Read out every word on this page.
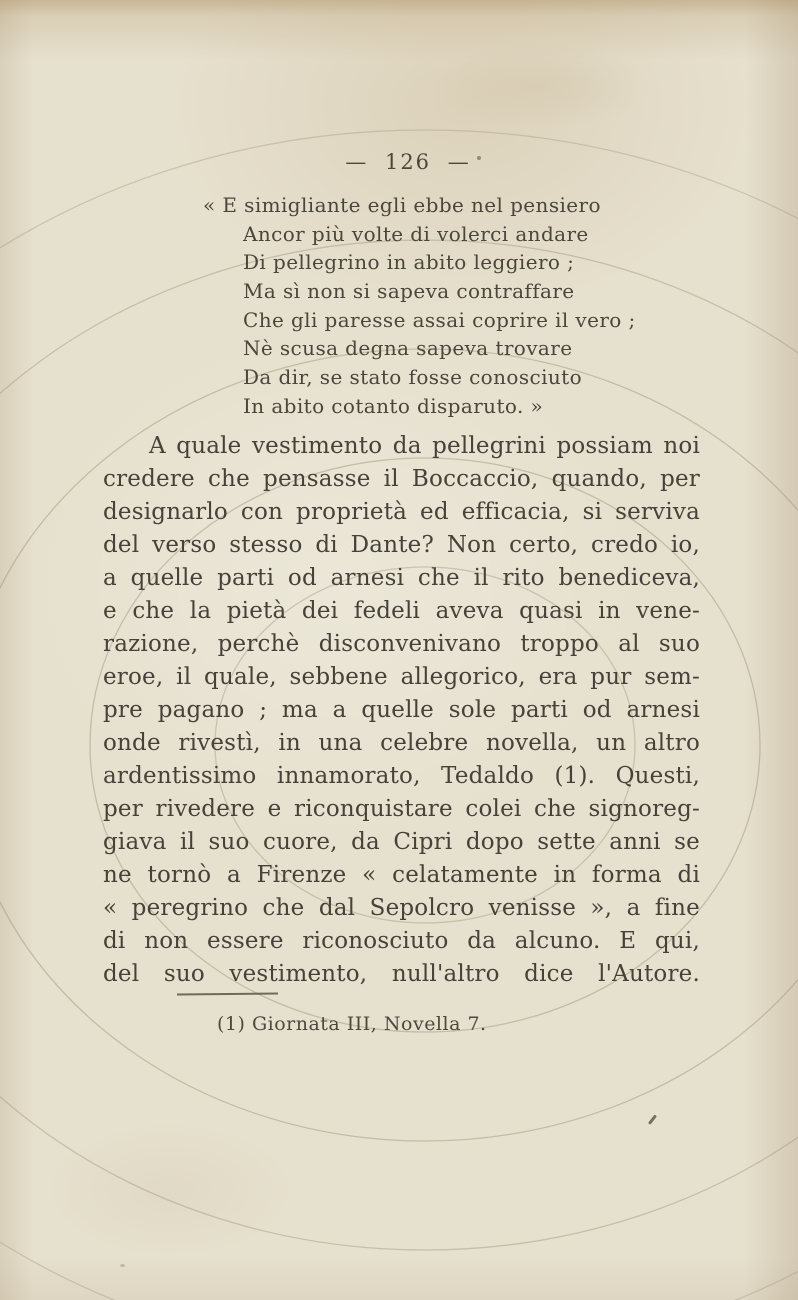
— 126 —
« E simigliante egli ebbe nel pensiero
Ancor più volte di volerci andare
Di pellegrino in abito leggiero ;
Ma sì non si sapeva contraffare
Che gli paresse assai coprire il vero ;
Nè scusa degna sapeva trovare
Da dir, se stato fosse conosciuto
In abito cotanto disparuto. »
A quale vestimento da pellegrini possiam noi
credere che pensasse il Boccaccio, quando, per
designarlo con proprietà ed efficacia, si serviva
del verso stesso di Dante? Non certo, credo io,
a quelle parti od arnesi che il rito benediceva,
e che la pietà dei fedeli aveva quasi in vene-
razione, perchè disconvenivano troppo al suo
eroe, il quale, sebbene allegorico, era pur sem-
pre pagano ; ma a quelle sole parti od arnesi
onde rivestì, in una celebre novella, un altro
ardentissimo innamorato, Tedaldo (1). Questi,
per rivedere e riconquistare colei che signoreg-
giava il suo cuore, da Cipri dopo sette anni se
ne tornò a Firenze « celatamente in forma di
« peregrino che dal Sepolcro venisse », a fine
di non essere riconosciuto da alcuno. E qui,
del suo vestimento, null'altro dice l'Autore.
(1) Giornata III, Novella 7.
